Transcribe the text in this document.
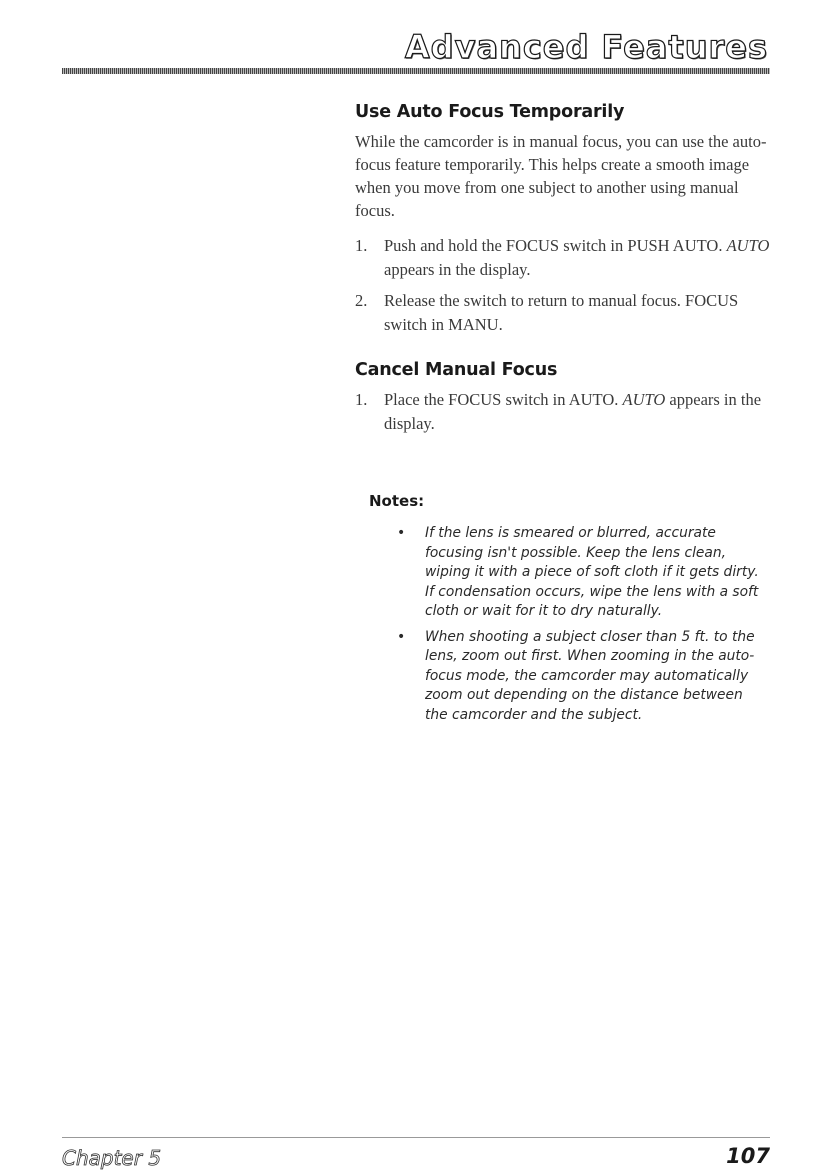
Advanced Features
Use Auto Focus Temporarily

While the camcorder is in manual focus, you can use the auto-focus feature temporarily. This helps create a smooth image when you move from one subject to another using manual focus.

1. Push and hold the FOCUS switch in PUSH AUTO. AUTO appears in the display.
2. Release the switch to return to manual focus. FOCUS switch in MANU.
Cancel Manual Focus
1. Place the FOCUS switch in AUTO. AUTO appears in the display.
Notes:
• If the lens is smeared or blurred, accurate focusing isn't possible. Keep the lens clean, wiping it with a piece of soft cloth if it gets dirty. If condensation occurs, wipe the lens with a soft cloth or wait for it to dry naturally.
• When shooting a subject closer than 5 ft. to the lens, zoom out first. When zooming in the auto-focus mode, the camcorder may automatically zoom out depending on the distance between the camcorder and the subject.
Chapter 5	107
